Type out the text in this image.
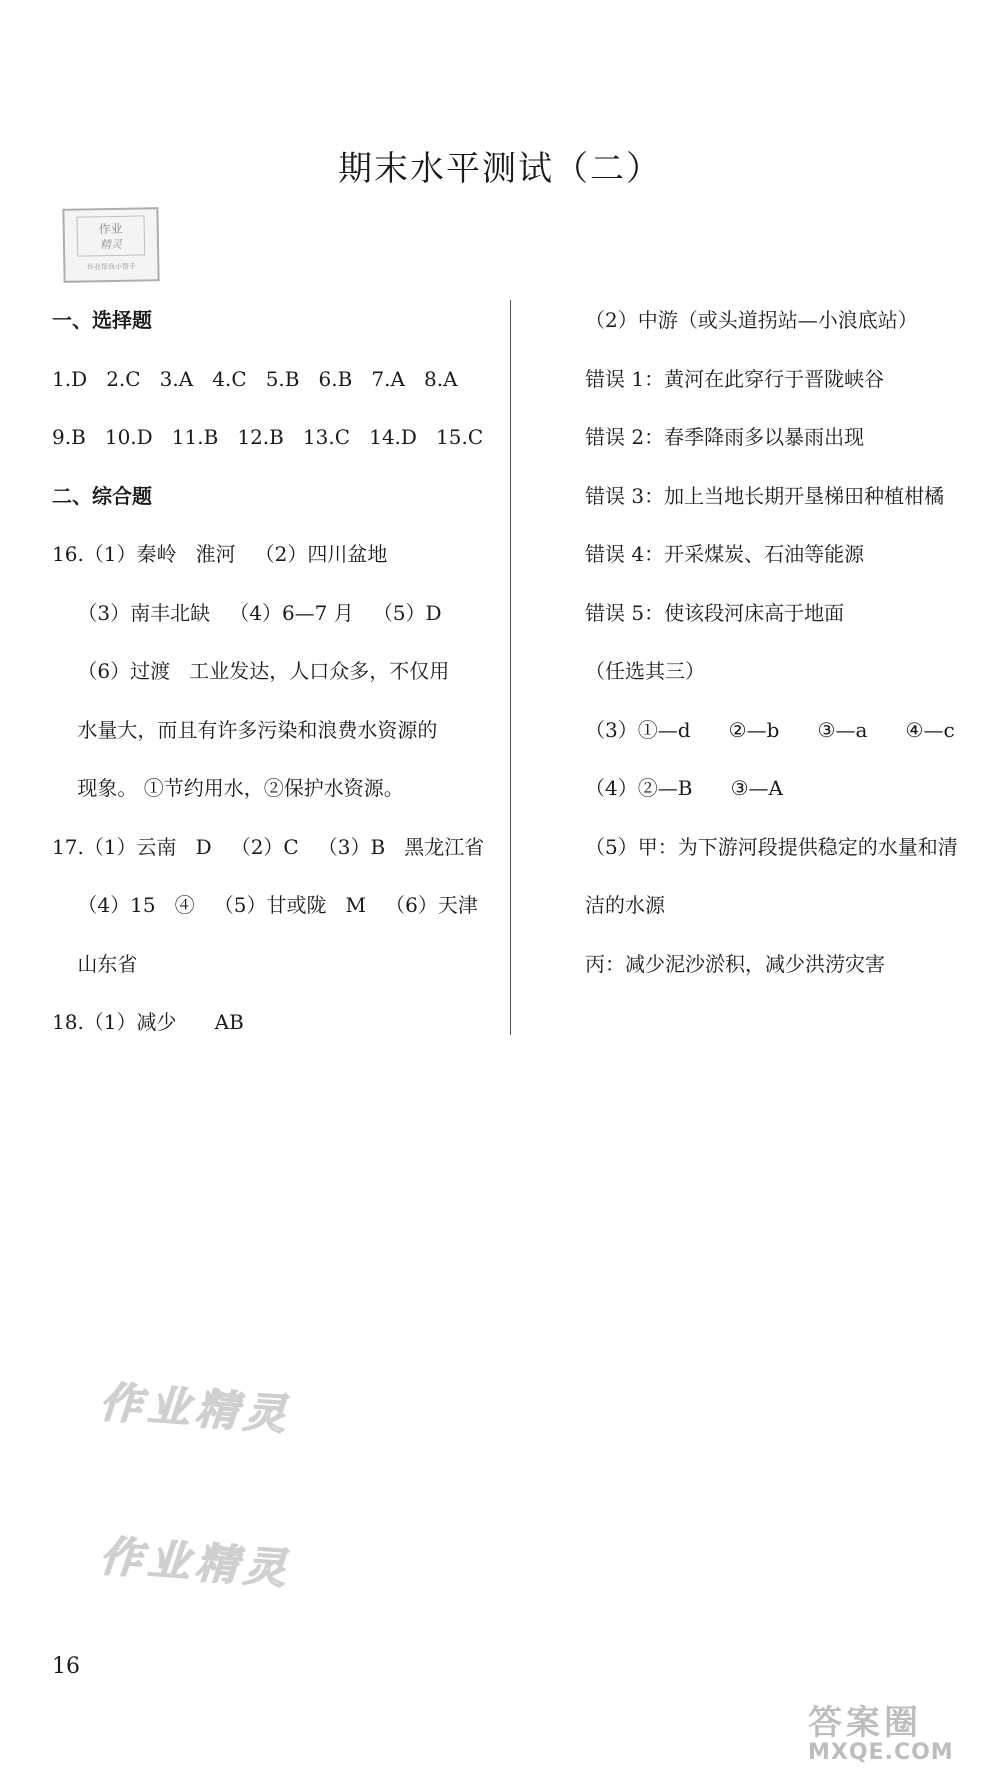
期末水平测试（二）
作业
精灵
作业帮我小帮手
一、选择题
1.D   2.C   3.A   4.C   5.B   6.B   7.A   8.A
9.B   10.D   11.B   12.B   13.C   14.D   15.C
二、综合题
16.（1）秦岭   淮河   （2）四川盆地
（3）南丰北缺   （4）6—7 月   （5）D
（6）过渡   工业发达，人口众多，不仅用
水量大，而且有许多污染和浪费水资源的
现象。 ①节约用水，②保护水资源。
17.（1）云南   D   （2）C   （3）B   黑龙江省
（4）15   ④   （5）甘或陇   M   （6）天津
山东省
18.（1）减少      AB
（2）中游（或头道拐站—小浪底站）
错误 1：黄河在此穿行于晋陇峡谷
错误 2：春季降雨多以暴雨出现
错误 3：加上当地长期开垦梯田种植柑橘
错误 4：开采煤炭、石油等能源
错误 5：使该段河床高于地面
（任选其三）
（3）①—d      ②—b      ③—a      ④—c
（4）②—B      ③—A
（5）甲：为下游河段提供稳定的水量和清
洁的水源
丙：减少泥沙淤积，减少洪涝灾害
作业精灵
作业精灵
16
答案圈
MXQE.COM
